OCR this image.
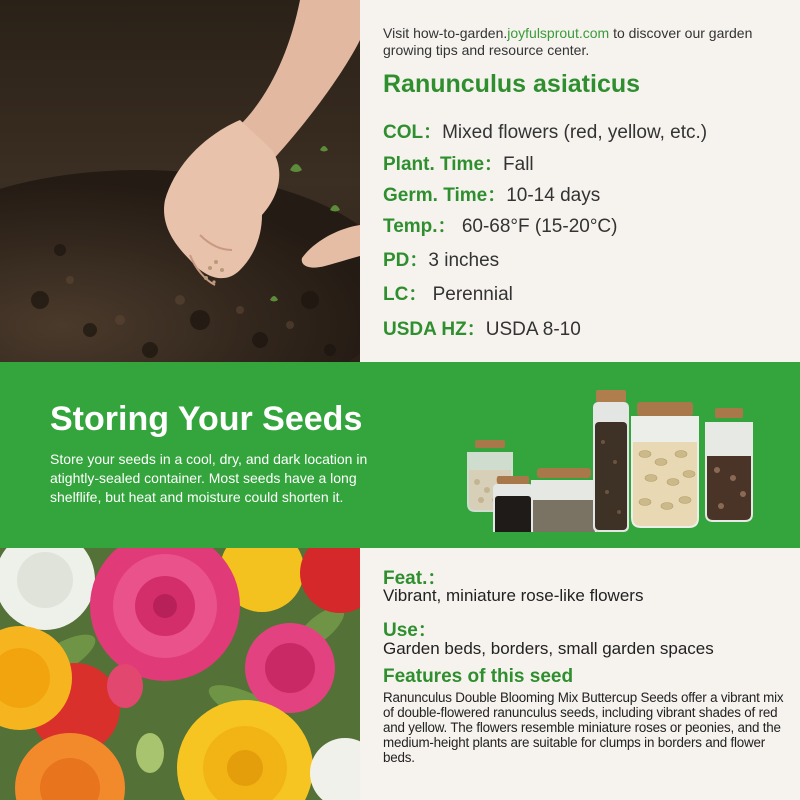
Visit how-to-garden.joyfulsprout.com to discover our garden growing tips and resource center.
Ranunculus asiaticus
COL：Mixed flowers (red, yellow, etc.)
Plant. Time：Fall
Germ. Time：10-14 days
Temp.： 60-68°F (15-20°C)
PD：3 inches
LC： Perennial
USDA HZ：USDA 8-10
Storing Your Seeds
Store your seeds in a cool, dry, and dark location in atightly-sealed container. Most seeds have a long shelflife, but heat and moisture could shorten it.
Feat.：
Vibrant, miniature rose-like flowers
Use：
Garden beds, borders, small garden spaces
Features of this seed
Ranunculus Double Blooming Mix Buttercup Seeds offer a vibrant mix of double-flowered ranunculus seeds, including vibrant shades of red and yellow. The flowers resemble miniature roses or peonies, and the medium-height plants are suitable for clumps in borders and flower beds.
